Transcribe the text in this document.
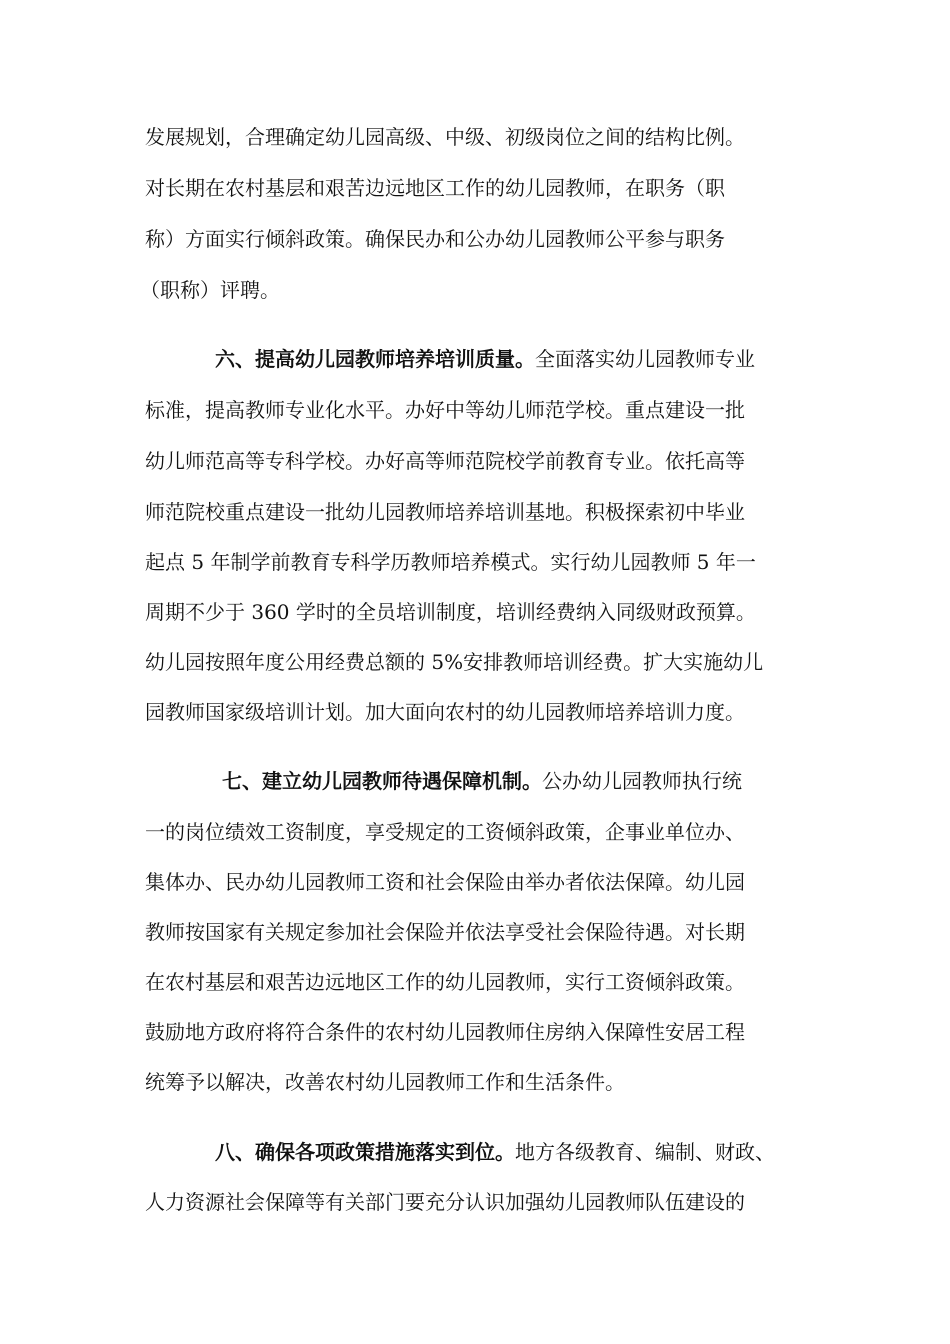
发展规划，合理确定幼儿园高级、中级、初级岗位之间的结构比例。
对长期在农村基层和艰苦边远地区工作的幼儿园教师，在职务（职
称）方面实行倾斜政策。确保民办和公办幼儿园教师公平参与职务
（职称）评聘。
六、提高幼儿园教师培养培训质量。全面落实幼儿园教师专业
标准，提高教师专业化水平。办好中等幼儿师范学校。重点建设一批
幼儿师范高等专科学校。办好高等师范院校学前教育专业。依托高等
师范院校重点建设一批幼儿园教师培养培训基地。积极探索初中毕业
起点 5 年制学前教育专科学历教师培养模式。实行幼儿园教师 5 年一
周期不少于 360 学时的全员培训制度，培训经费纳入同级财政预算。
幼儿园按照年度公用经费总额的 5%安排教师培训经费。扩大实施幼儿
园教师国家级培训计划。加大面向农村的幼儿园教师培养培训力度。
七、建立幼儿园教师待遇保障机制。公办幼儿园教师执行统
一的岗位绩效工资制度，享受规定的工资倾斜政策，企事业单位办、
集体办、民办幼儿园教师工资和社会保险由举办者依法保障。幼儿园
教师按国家有关规定参加社会保险并依法享受社会保险待遇。对长期
在农村基层和艰苦边远地区工作的幼儿园教师，实行工资倾斜政策。
鼓励地方政府将符合条件的农村幼儿园教师住房纳入保障性安居工程
统筹予以解决，改善农村幼儿园教师工作和生活条件。
八、确保各项政策措施落实到位。地方各级教育、编制、财政、
人力资源社会保障等有关部门要充分认识加强幼儿园教师队伍建设的
